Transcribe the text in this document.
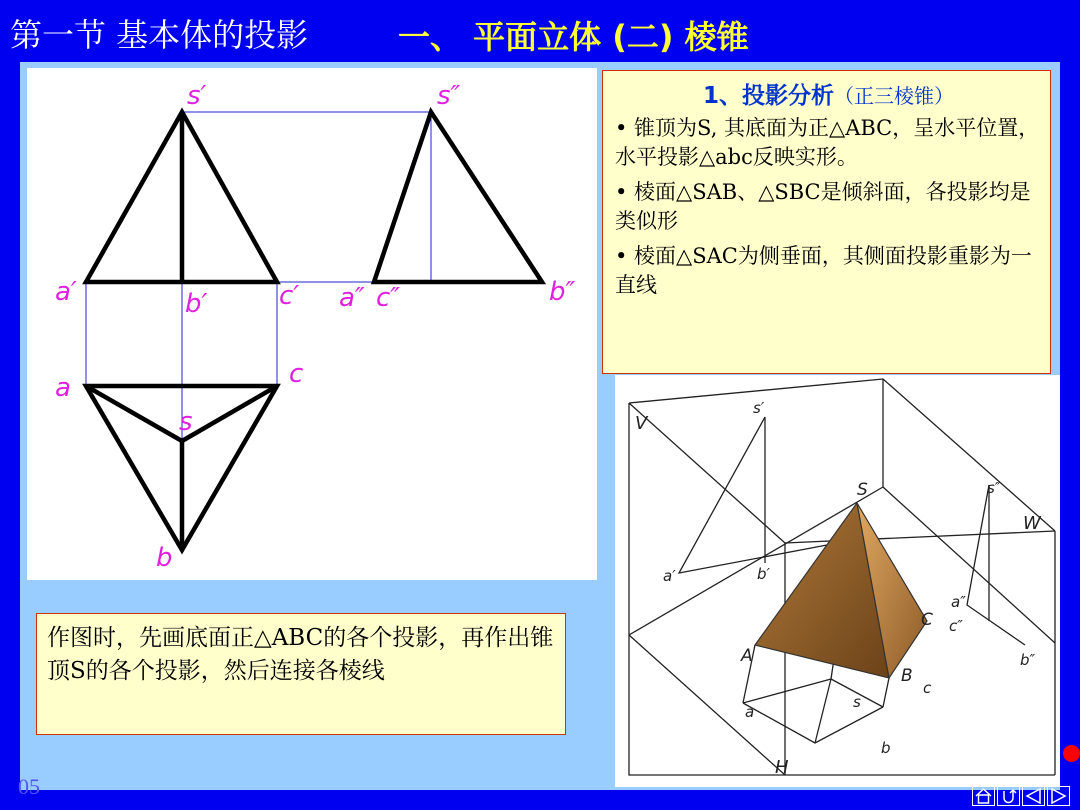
第一节 基本体的投影	一、 平面立体 (二) 棱锥
s′	s″
a′	b′	c′ a″ c″	b″
a	c
s
b
1、投影分析（正三棱锥）

• 锥顶为S, 其底面为正△ABC，呈水平位置，水平投影△abc反映实形。

• 棱面△SAB、△SBC是倾斜面，各投影均是类似形

• 棱面△SAC为侧垂面，其侧面投影重影为一直线

作图时，先画底面正△ABC的各个投影，再作出锥顶S的各个投影，然后连接各棱线
V
W
H
s′
S	s″
a′	b′
a″
c″
b″
A
B
C
a
s
c
b
05
